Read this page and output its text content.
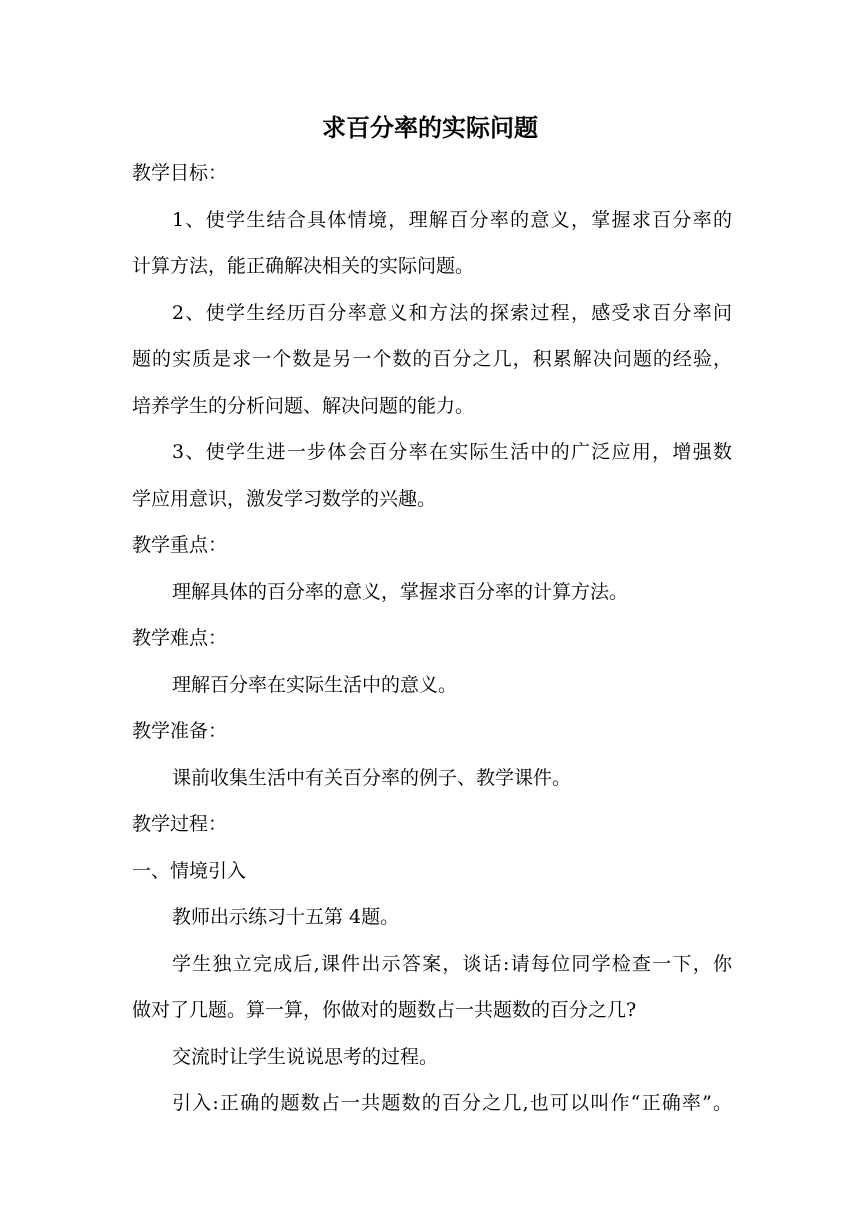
求百分率的实际问题
教学目标：
1、使学生结合具体情境，理解百分率的意义，掌握求百分率的
计算方法，能正确解决相关的实际问题。
2、使学生经历百分率意义和方法的探索过程，感受求百分率问
题的实质是求一个数是另一个数的百分之几，积累解决问题的经验，
培养学生的分析问题、解决问题的能力。
3、使学生进一步体会百分率在实际生活中的广泛应用，增强数
学应用意识，激发学习数学的兴趣。
教学重点：
理解具体的百分率的意义，掌握求百分率的计算方法。
教学难点：
理解百分率在实际生活中的意义。
教学准备：
课前收集生活中有关百分率的例子、教学课件。
教学过程：
一、情境引入
教师出示练习十五第 4题。
学生独立完成后,课件出示答案，谈话:请每位同学检查一下，你
做对了几题。算一算，你做对的题数占一共题数的百分之几?
交流时让学生说说思考的过程。
引入:正确的题数占一共题数的百分之几,也可以叫作“正确率”。
